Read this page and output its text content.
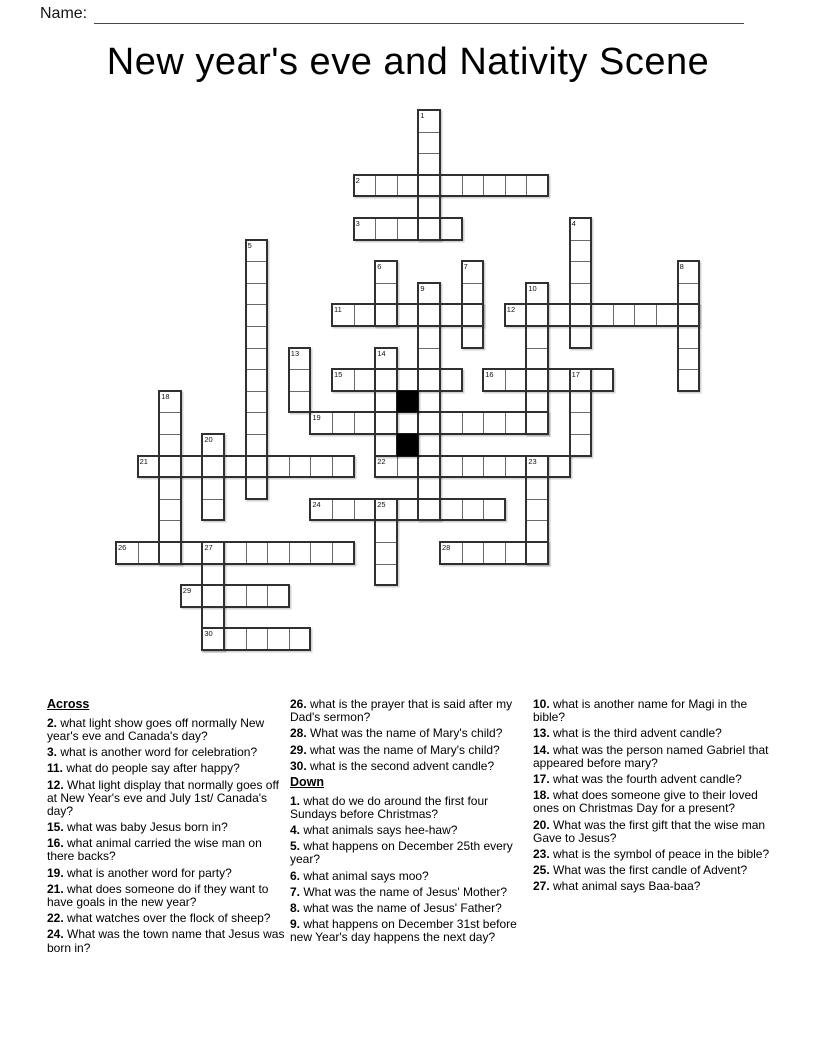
Name:
New year's eve and Nativity Scene
2
3
11	12
15	16	17
19
21	22	23
24	25
26	27	28
29
30
1
4
5
6	7	8
9	10
13	14
18
20
Across
2. what light show goes off normally New year's eve and Canada's day?
3. what is another word for celebration?
11. what do people say after happy?
12. What light display that normally goes off at New Year's eve and July 1st/ Canada's day?
15. what was baby Jesus born in?
16. what animal carried the wise man on there backs?
19. what is another word for party?
21. what does someone do if they want to have goals in the new year?
22. what watches over the flock of sheep?
24. What was the town name that Jesus was born in?
26. what is the prayer that is said after my Dad's sermon?
28. What was the name of Mary's child?
29. what was the name of Mary's child?
30. what is the second advent candle?
Down
1. what do we do around the first four Sundays before Christmas?
4. what animals says hee-haw?
5. what happens on December 25th every year?
6. what animal says moo?
7. What was the name of Jesus' Mother?
8. what was the name of Jesus' Father?
9. what happens on December 31st before new Year's day happens the next day?
10. what is another name for Magi in the bible?
13. what is the third advent candle?
14. what was the person named Gabriel that appeared before mary?
17. what was the fourth advent candle?
18. what does someone give to their loved ones on Christmas Day for a present?
20. What was the first gift that the wise man Gave to Jesus?
23. what is the symbol of peace in the bible?
25. What was the first candle of Advent?
27. what animal says Baa-baa?
